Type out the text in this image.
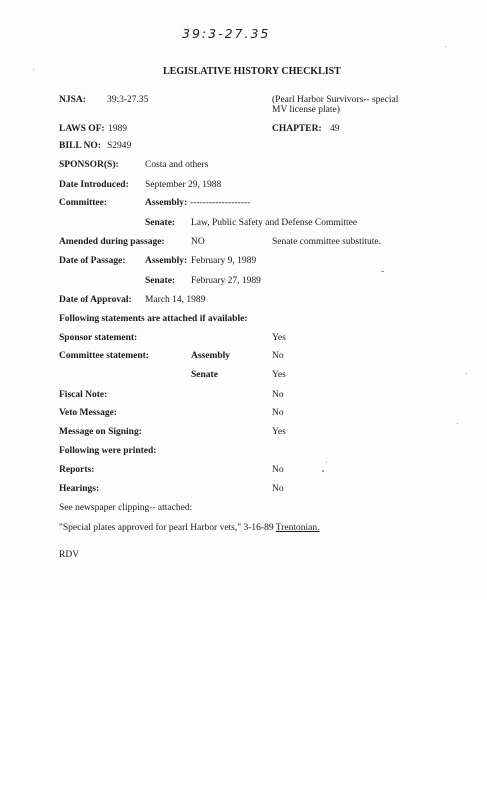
39:3-27.35
LEGISLATIVE HISTORY CHECKLIST
NJSA: 39:3-27.35	(Pearl Harbor Survivors-- special
MV license plate)
LAWS OF: 1989	CHAPTER: 49
BILL NO: S2949
SPONSOR(S):	Costa and others
Date Introduced: September 29, 1988
Committee:	Assembly: -------------------
Senate: Law, Public Safety and Defense Committee
Amended during passage:	NO	Senate committee substitute.
Date of Passage: Assembly: February 9, 1989
Senate: February 27, 1989
Date of Approval: March 14, 1989
Following statements are attached if available:
Sponsor statement:	Yes
Committee statement:	Assembly	No
Senate	Yes
Fiscal Note:	No
Veto Message:	No
Message on Signing:	Yes
Following were printed:
Reports:	No
Hearings:	No
See newspaper clipping-- attached:
"Special plates approved for pearl Harbor vets," 3-16-89 Trentonian.
RDV
